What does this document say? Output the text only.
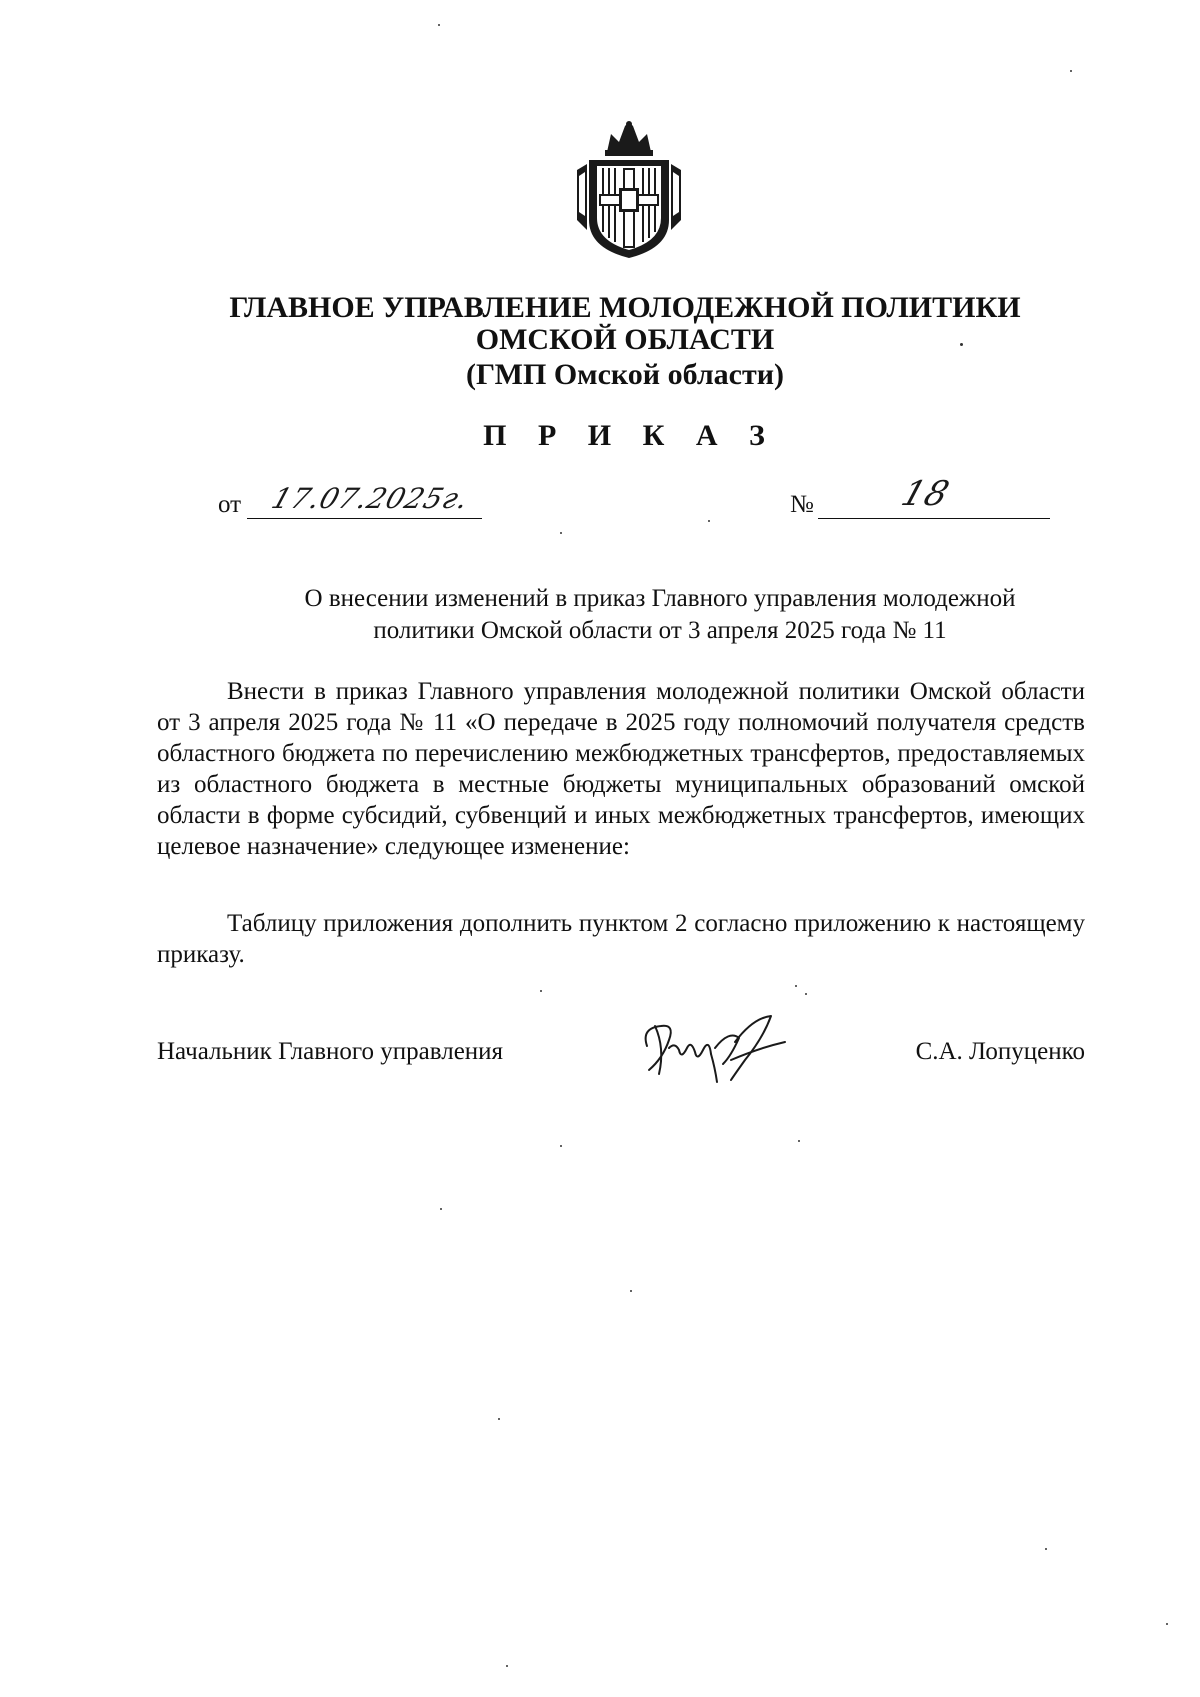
ГЛАВНОЕ УПРАВЛЕНИЕ МОЛОДЕЖНОЙ ПОЛИТИКИ
ОМСКОЙ ОБЛАСТИ
(ГМП Омской области)
П Р И К А З
от 17.07.2025г.	№ 18
О внесении изменений в приказ Главного управления молодежной
политики Омской области от 3 апреля 2025 года № 11
Внести в приказ Главного управления молодежной политики Омской области от 3 апреля 2025 года № 11 «О передаче в 2025 году полномочий получателя средств областного бюджета по перечислению межбюджетных трансфертов, предоставляемых из областного бюджета в местные бюджеты муниципальных образований омской области в форме субсидий, субвенций и иных межбюджетных трансфертов, имеющих целевое назначение» следующее изменение:
Таблицу приложения дополнить пунктом 2 согласно приложению к настоящему приказу.
Начальник Главного управления	С.А. Лопуценко
